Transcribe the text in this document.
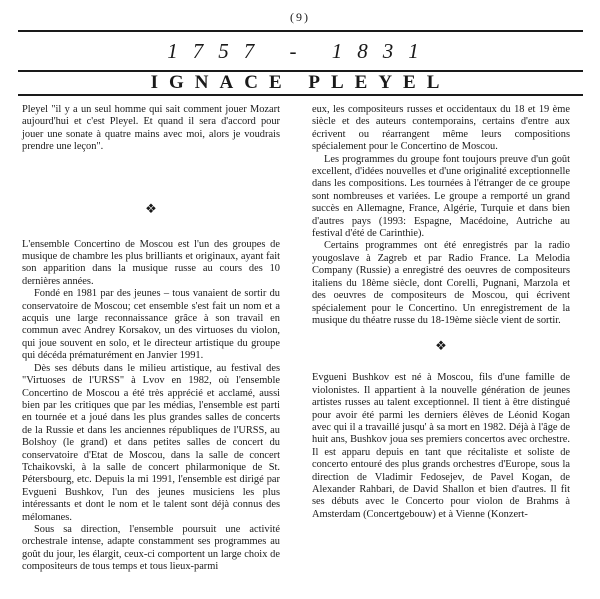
(9)
1757 - 1831
IGNACE PLEYEL

Pleyel "il y a un seul homme qui sait comment jouer Mozart aujourd'hui et c'est Pleyel. Et quand il sera d'accord pour jouer une sonate à quatre mains avec moi, alors je voudrais prendre une leçon".

❖

L'ensemble Concertino de Moscou est l'un des groupes de musique de chambre les plus brilliants et originaux, ayant fait son apparition dans la musique russe au cours des 10 dernières années.

Fondé en 1981 par des jeunes – tous vanaient de sortir du conservatoire de Moscou; cet ensemble s'est fait un nom et a acquis une large reconnaissance grâce à son travail en commun avec Andrey Korsakov, un des virtuoses du violon, qui joue souvent en solo, et le directeur artistique du groupe qui décéda prématurément en Janvier 1991.

Dès ses débuts dans le milieu artistique, au festival des "Virtuoses de l'URSS" à Lvov en 1982, où l'ensemble Concertino de Moscou a été très apprécié et acclamé, aussi bien par les critiques que par les médias, l'ensemble est parti en tournée et a joué dans les plus grandes salles de concerts de la Russie et dans les anciennes républiques de l'URSS, au Bolshoy (le grand) et dans petites salles de concert du conservatoire d'Etat de Moscou, dans la salle de concert Tchaikovski, à la salle de concert philarmonique de St. Pétersbourg, etc. Depuis la mi 1991, l'ensemble est dirigé par Evgueni Bushkov, l'un des jeunes musiciens les plus intéressants et dont le nom et le talent sont déjà connus des mélomanes.

Sous sa direction, l'ensemble poursuit une activité orchestrale intense, adapte constamment ses programmes au goût du jour, les élargit, ceux-ci comportent un large choix de compositeurs de tous temps et tous lieux-parmi

eux, les compositeurs russes et occidentaux du 18 et 19 ème siècle et des auteurs contemporains, certains d'entre aux écrivent ou réarrangent même leurs compositions spécialement pour le Concertino de Moscou.

Les programmes du groupe font toujours preuve d'un goût excellent, d'idées nouvelles et d'une originalité exceptionnelle dans les compositions. Les tournées à l'étranger de ce groupe sont nombreuses et variées. Le groupe a remporté un grand succès en Allemagne, France, Algérie, Turquie et dans bien d'autres pays (1993: Espagne, Macédoine, Autriche au festival d'été de Carinthie).

Certains programmes ont été enregistrés par la radio yougoslave à Zagreb et par Radio France. La Melodia Company (Russie) a enregistré des oeuvres de compositeurs italiens du 18ème siècle, dont Corelli, Pugnani, Marzola et des oeuvres de compositeurs de Moscou, qui écrivent spécialement pour le Concertino. Un enregistrement de la musique du théatre russe du 18-19ème siècle vient de sortir.

❖

Evgueni Bushkov est né à Moscou, fils d'une famille de violonistes. Il appartient à la nouvelle génération de jeunes artistes russes au talent exceptionnel. Il tient à être distingué pour avoir été parmi les derniers élèves de Léonid Kogan avec qui il a travaillé jusqu' à sa mort en 1982. Déjà à l'âge de huit ans, Bushkov joua ses premiers concertos avec orchestre. Il est apparu depuis en tant que récitaliste et soliste de concerto entouré des plus grands orchestres d'Europe, sous la direction de Vladimir Fedosejev, de Pavel Kogan, de Alexander Rahbari, de David Shallon et bien d'autres. Il fit ses débuts avec le Concerto pour violon de Brahms à Amsterdam (Concertgebouw) et à Vienne (Konzert-
